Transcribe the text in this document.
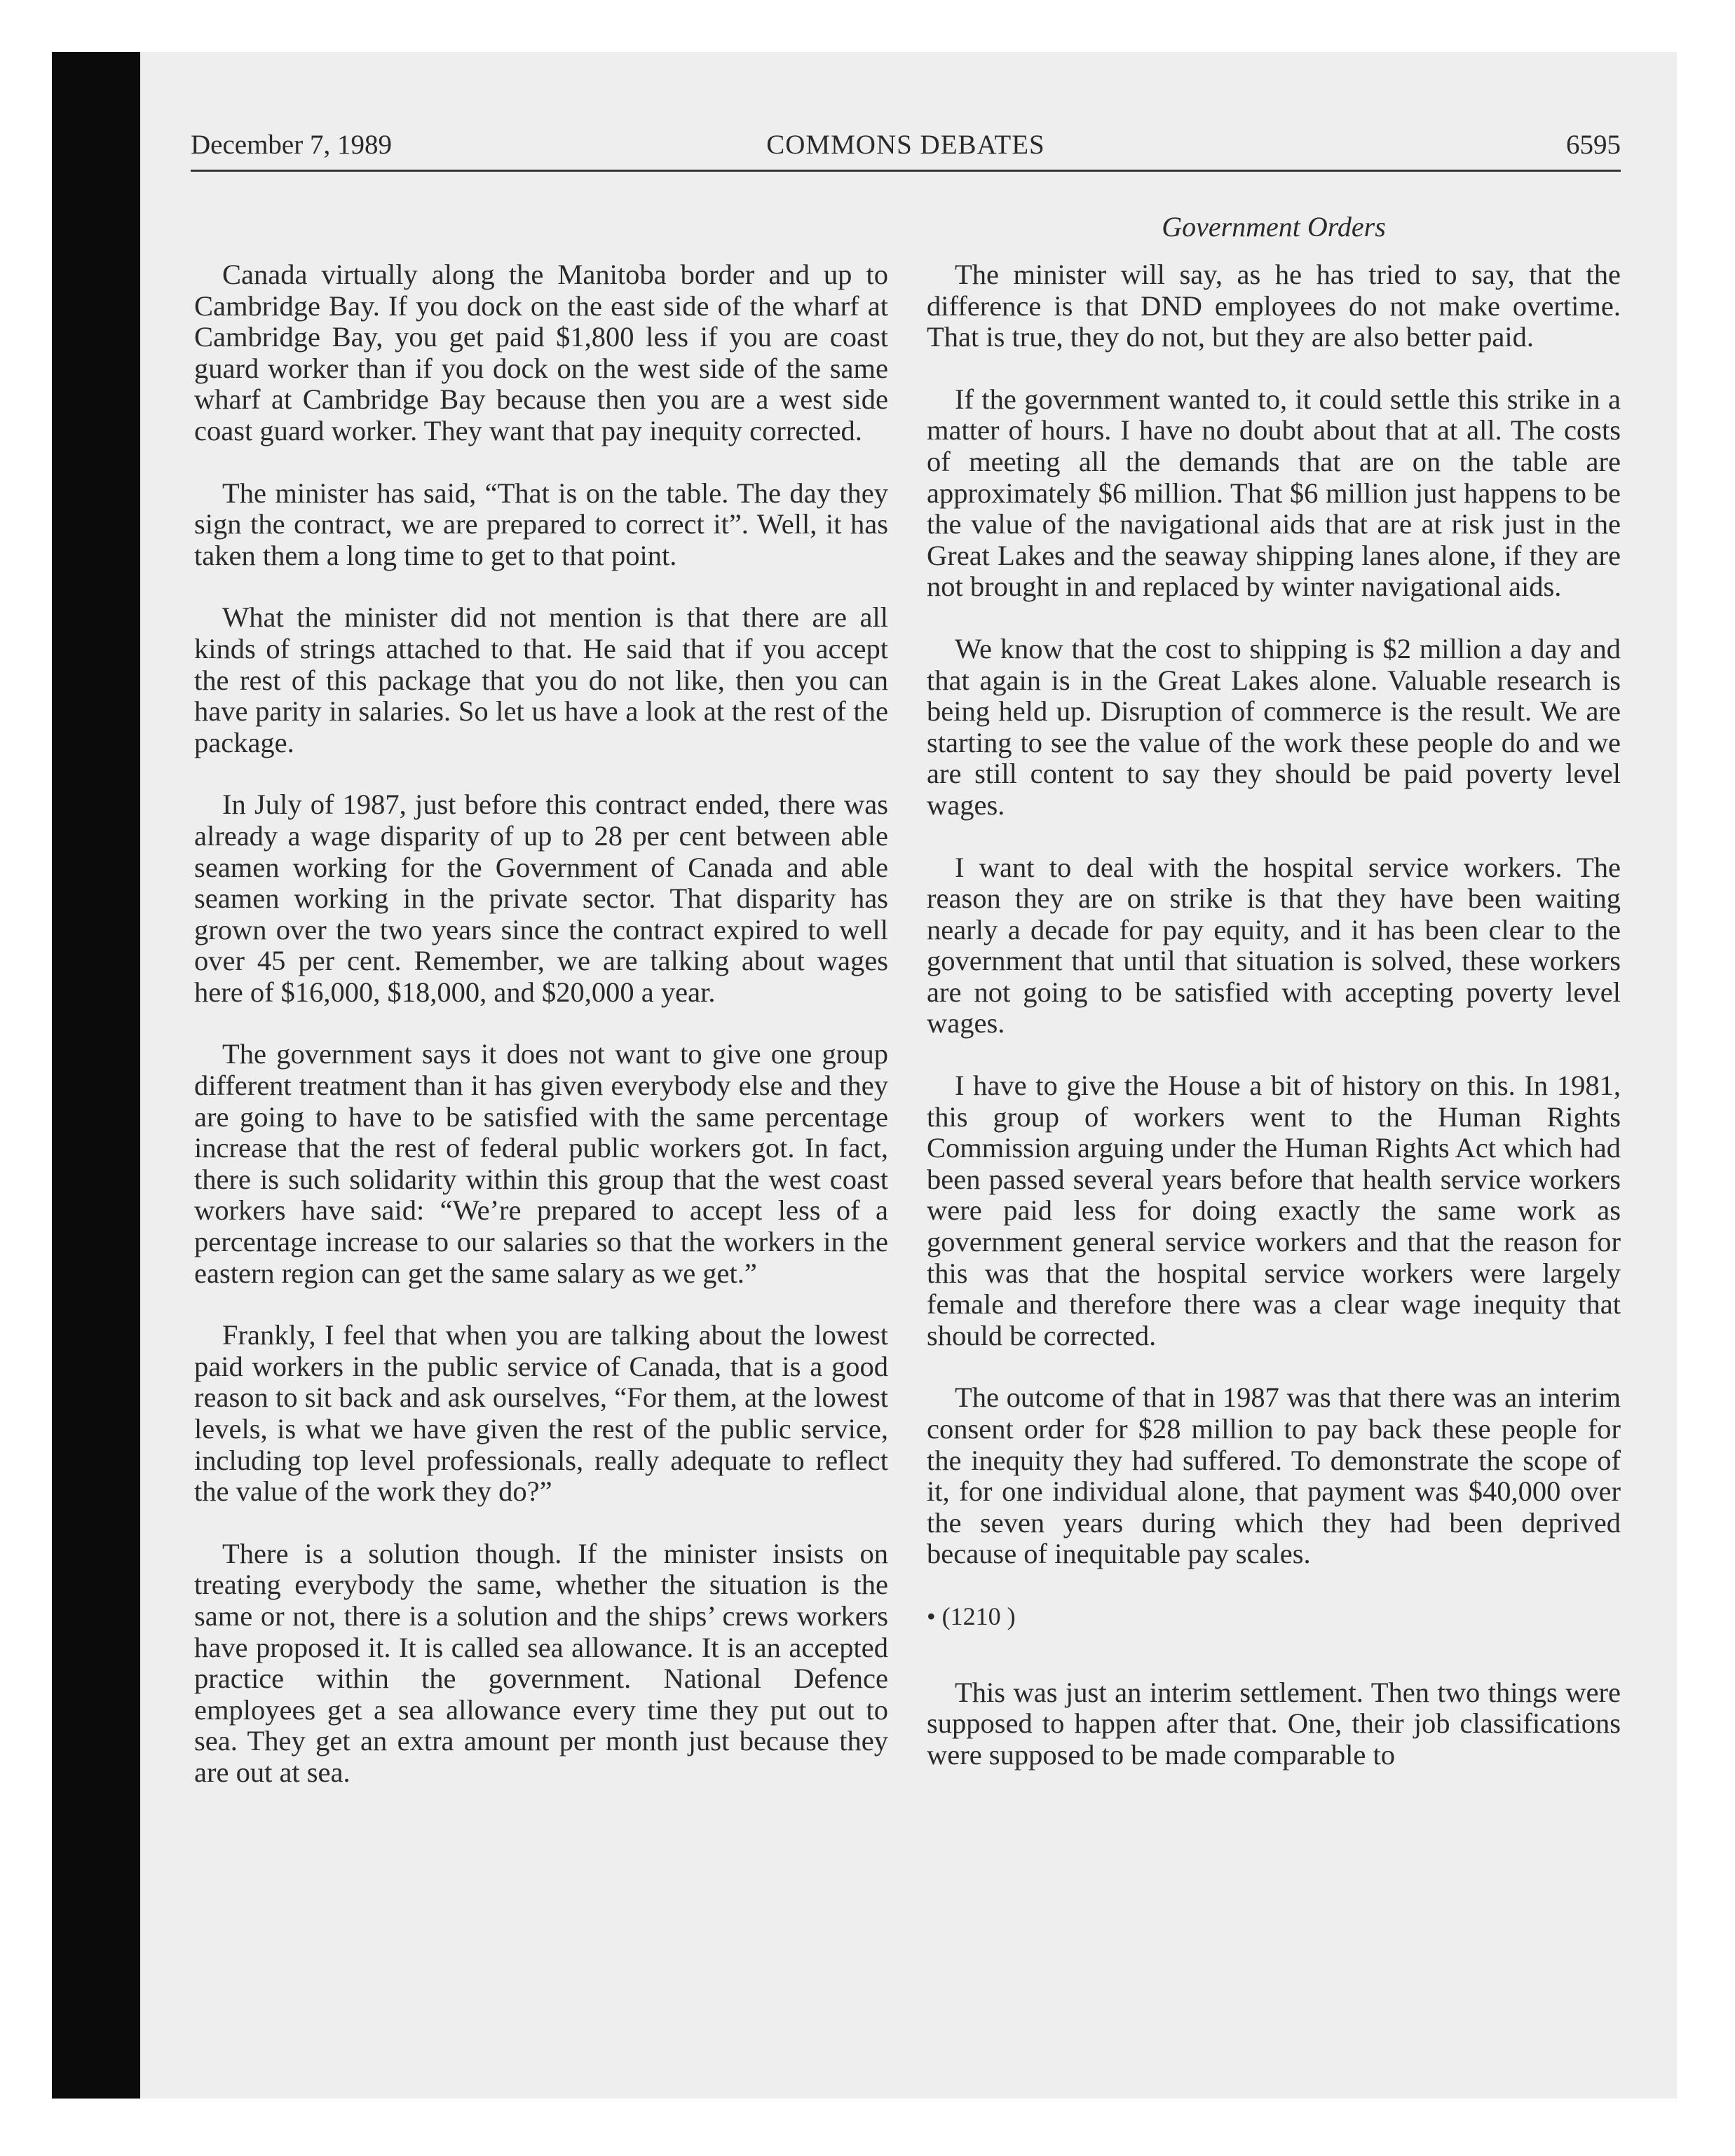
December 7, 1989	COMMONS DEBATES	6595
Government Orders

Canada virtually along the Manitoba border and up to Cambridge Bay. If you dock on the east side of the wharf at Cambridge Bay, you get paid $1,800 less if you are coast guard worker than if you dock on the west side of the same wharf at Cambridge Bay because then you are a west side coast guard worker. They want that pay inequity corrected.

The minister has said, “That is on the table. The day they sign the contract, we are prepared to correct it”. Well, it has taken them a long time to get to that point.

What the minister did not mention is that there are all kinds of strings attached to that. He said that if you accept the rest of this package that you do not like, then you can have parity in salaries. So let us have a look at the rest of the package.

In July of 1987, just before this contract ended, there was already a wage disparity of up to 28 per cent between able seamen working for the Government of Canada and able seamen working in the private sector. That disparity has grown over the two years since the contract expired to well over 45 per cent. Remember, we are talking about wages here of $16,000, $18,000, and $20,000 a year.

The government says it does not want to give one group different treatment than it has given everybody else and they are going to have to be satisfied with the same percentage increase that the rest of federal public workers got. In fact, there is such solidarity within this group that the west coast workers have said: “We’re prepared to accept less of a percentage increase to our salaries so that the workers in the eastern region can get the same salary as we get.”

Frankly, I feel that when you are talking about the lowest paid workers in the public service of Canada, that is a good reason to sit back and ask ourselves, “For them, at the lowest levels, is what we have given the rest of the public service, including top level professionals, really adequate to reflect the value of the work they do?”

There is a solution though. If the minister insists on treating everybody the same, whether the situation is the same or not, there is a solution and the ships’ crews workers have proposed it. It is called sea allowance. It is an accepted practice within the government. National Defence employees get a sea allowance every time they put out to sea. They get an extra amount per month just because they are out at sea.

The minister will say, as he has tried to say, that the difference is that DND employees do not make overtime. That is true, they do not, but they are also better paid.

If the government wanted to, it could settle this strike in a matter of hours. I have no doubt about that at all. The costs of meeting all the demands that are on the table are approximately $6 million. That $6 million just happens to be the value of the navigational aids that are at risk just in the Great Lakes and the seaway shipping lanes alone, if they are not brought in and replaced by winter navigational aids.

We know that the cost to shipping is $2 million a day and that again is in the Great Lakes alone. Valuable research is being held up. Disruption of commerce is the result. We are starting to see the value of the work these people do and we are still content to say they should be paid poverty level wages.

I want to deal with the hospital service workers. The reason they are on strike is that they have been waiting nearly a decade for pay equity, and it has been clear to the government that until that situation is solved, these workers are not going to be satisfied with accepting poverty level wages.

I have to give the House a bit of history on this. In 1981, this group of workers went to the Human Rights Commission arguing under the Human Rights Act which had been passed several years before that health service workers were paid less for doing exactly the same work as government general service workers and that the reason for this was that the hospital service workers were largely female and therefore there was a clear wage inequity that should be corrected.

The outcome of that in 1987 was that there was an interim consent order for $28 million to pay back these people for the inequity they had suffered. To demonstrate the scope of it, for one individual alone, that payment was $40,000 over the seven years during which they had been deprived because of inequitable pay scales.

• (1210 )

This was just an interim settlement. Then two things were supposed to happen after that. One, their job classifications were supposed to be made comparable to
